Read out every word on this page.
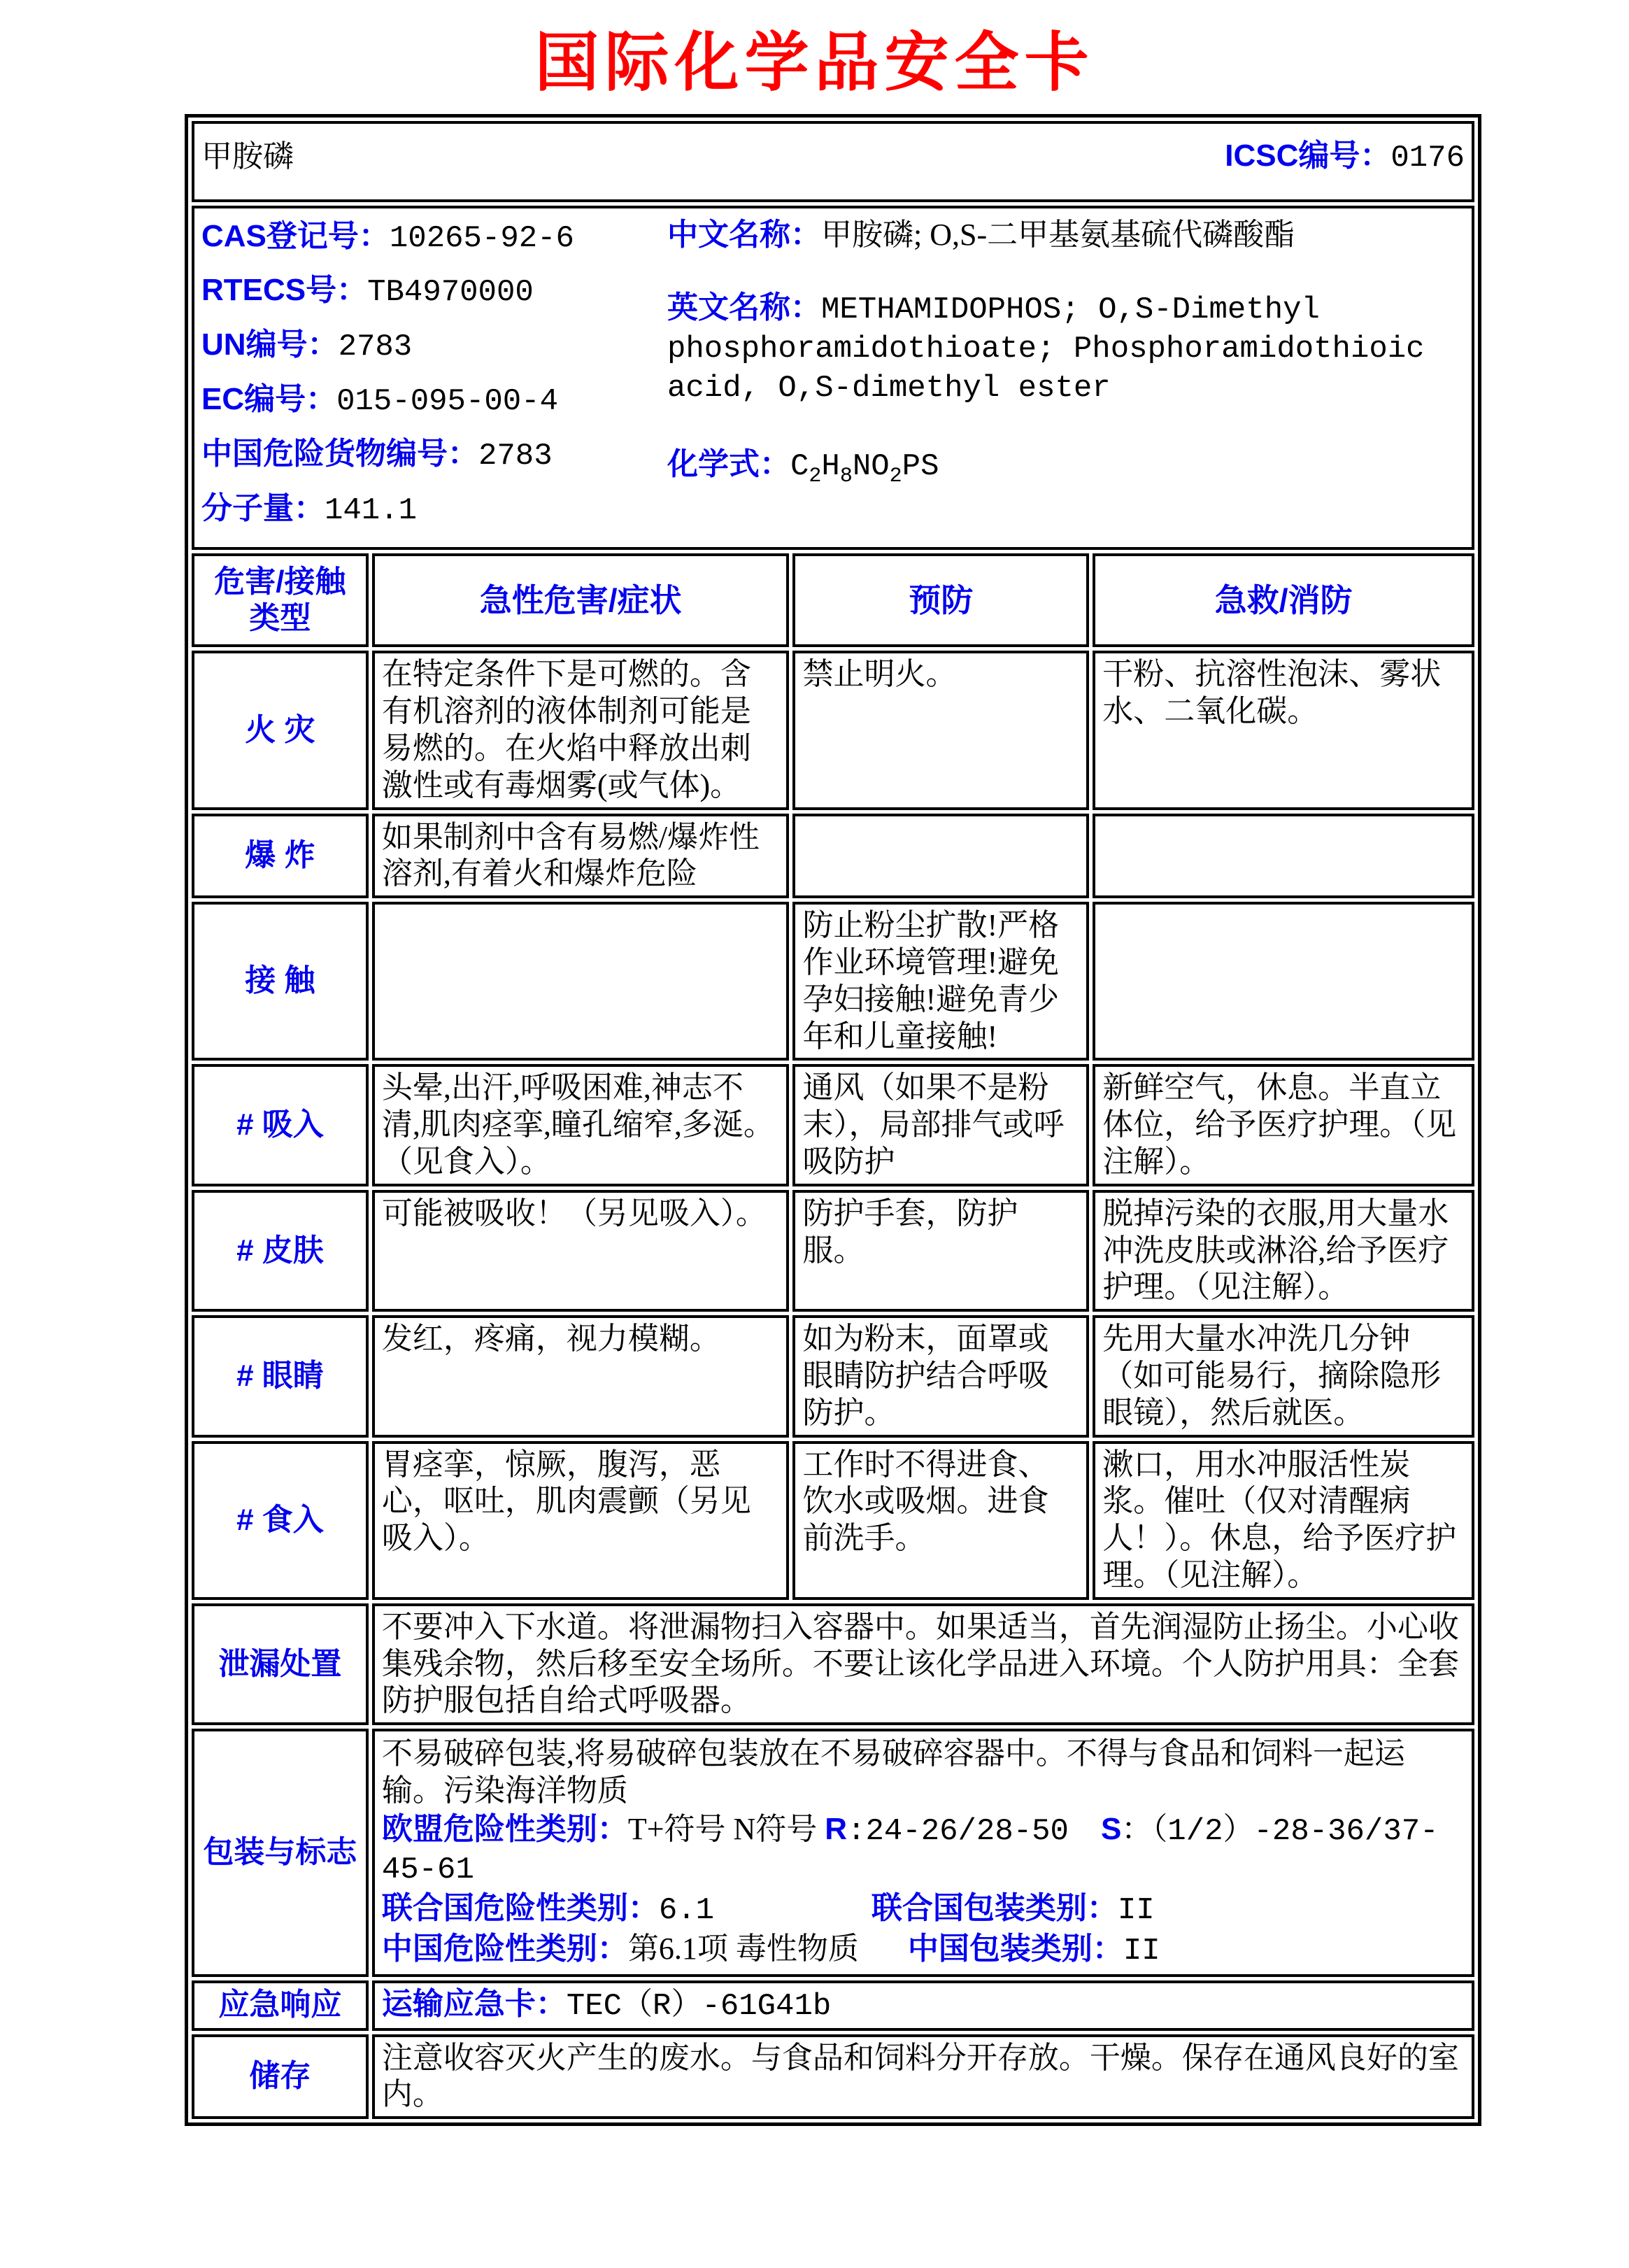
国际化学品安全卡
甲胺磷 ICSC编号：0176			

CAS登记号：10265-92-6
RTECS号：TB4970000
UN编号：2783
EC编号：015-095-00-4
中国危险货物编号：2783
分子量：141.1
中文名称：甲胺磷; O,S-二甲基氨基硫代磷酸酯
英文名称：METHAMIDOPHOS; O,S-Dimethyl phosphoramidothioate; Phosphoramidothioic acid, O,S-dimethyl ester
化学式：$C_2H_8NO_2PS$

危害/接触
类型	急性危害/症状	预防	急救/消防
火 灾	在特定条件下是可燃的。含有机溶剂的液体制剂可能是易燃的。在火焰中释放出刺激性或有毒烟雾(或气体)。	禁止明火。	干粉、抗溶性泡沫、雾状水、二氧化碳。
爆 炸	如果制剂中含有易燃/爆炸性溶剂,有着火和爆炸危险		
接 触		防止粉尘扩散!严格作业环境管理!避免孕妇接触!避免青少年和儿童接触!	
# 吸入	头晕,出汗,呼吸困难,神志不清,肌肉痉挛,瞳孔缩窄,多涎。（见食入）。	通风（如果不是粉末），局部排气或呼吸防护	新鲜空气，休息。半直立体位，给予医疗护理。（见注解）。
# 皮肤	可能被吸收！（另见吸入）。	防护手套，防护服。	脱掉污染的衣服,用大量水冲洗皮肤或淋浴,给予医疗护理。（见注解）。
# 眼睛	发红，疼痛，视力模糊。	如为粉末，面罩或眼睛防护结合呼吸防护。	先用大量水冲洗几分钟（如可能易行，摘除隐形眼镜），然后就医。
# 食入	胃痉挛，惊厥，腹泻，恶心，呕吐，肌肉震颤（另见吸入）。	工作时不得进食、饮水或吸烟。进食前洗手。	漱口，用水冲服活性炭浆。催吐（仅对清醒病人！）。休息，给予医疗护理。（见注解）。
泄漏处置	不要冲入下水道。将泄漏物扫入容器中。如果适当，首先润湿防止扬尘。小心收集残余物，然后移至安全场所。不要让该化学品进入环境。个人防护用具：全套防护服包括自给式呼吸器。		
包装与标志	不易破碎包装,将易破碎包装放在不易破碎容器中。不得与食品和饲料一起运输。污染海洋物质
欧盟危险性类别：T+符号 N符号 R:24-26/28-50 S：（1/2）-28-36/37-45-61
联合国危险性类别：6.1 联合国包装类别：II
中国危险性类别：第6.1项 毒性物质 中国包装类别：II		

应急响应	运输应急卡：TEC（R）-61G41b		
储存	注意收容灭火产生的废水。与食品和饲料分开存放。干燥。保存在通风良好的室内。		
